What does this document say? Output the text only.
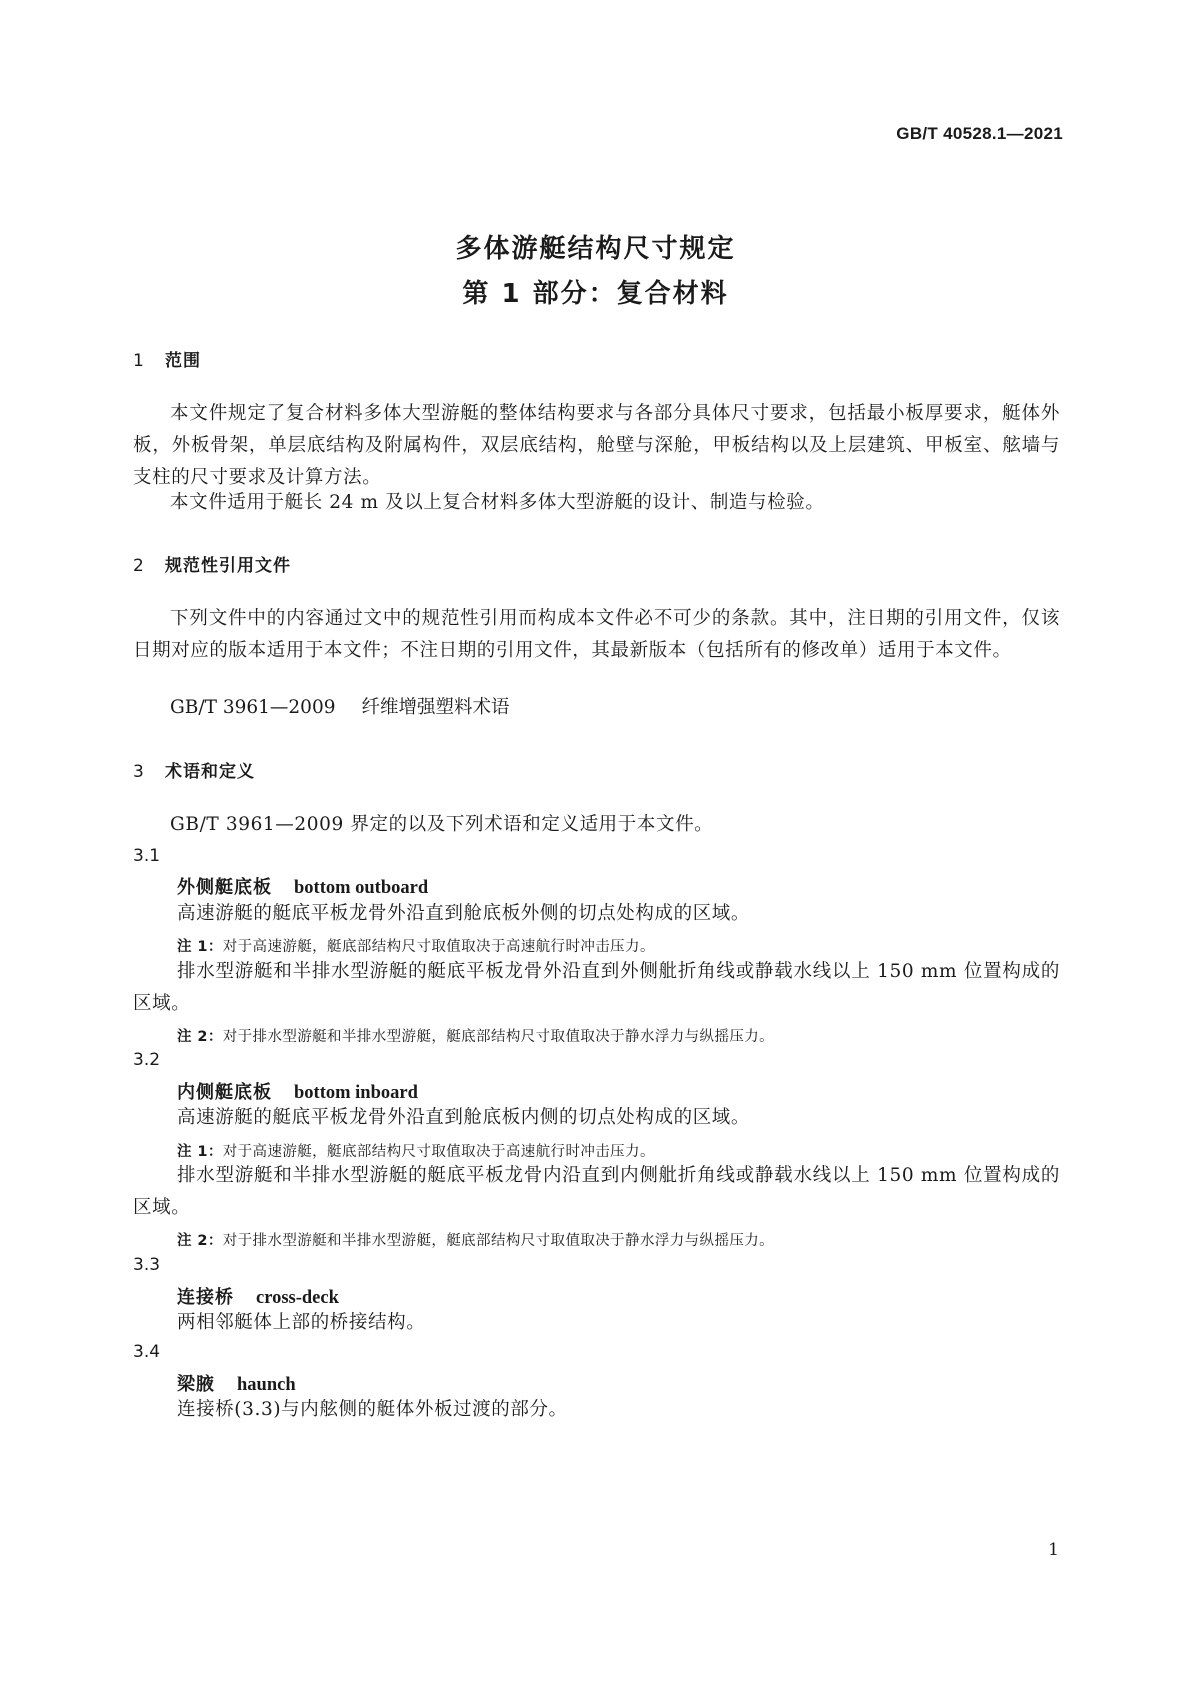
GB/T 40528.1—2021
多体游艇结构尺寸规定
第 1 部分：复合材料
1 范围
本文件规定了复合材料多体大型游艇的整体结构要求与各部分具体尺寸要求，包括最小板厚要求，艇体外板，外板骨架，单层底结构及附属构件，双层底结构，舱壁与深舱，甲板结构以及上层建筑、甲板室、舷墙与支柱的尺寸要求及计算方法。
本文件适用于艇长 24 m 及以上复合材料多体大型游艇的设计、制造与检验。
2 规范性引用文件
下列文件中的内容通过文中的规范性引用而构成本文件必不可少的条款。其中，注日期的引用文件，仅该日期对应的版本适用于本文件；不注日期的引用文件，其最新版本（包括所有的修改单）适用于本文件。
GB/T 3961—2009 纤维增强塑料术语
3 术语和定义
GB/T 3961—2009 界定的以及下列术语和定义适用于本文件。
3.1
外侧艇底板 bottom outboard
高速游艇的艇底平板龙骨外沿直到舱底板外侧的切点处构成的区域。
注 1：对于高速游艇，艇底部结构尺寸取值取决于高速航行时冲击压力。
排水型游艇和半排水型游艇的艇底平板龙骨外沿直到外侧舭折角线或静载水线以上 150 mm 位置构成的区域。
注 2：对于排水型游艇和半排水型游艇，艇底部结构尺寸取值取决于静水浮力与纵摇压力。
3.2
内侧艇底板 bottom inboard
高速游艇的艇底平板龙骨外沿直到舱底板内侧的切点处构成的区域。
注 1：对于高速游艇，艇底部结构尺寸取值取决于高速航行时冲击压力。
排水型游艇和半排水型游艇的艇底平板龙骨内沿直到内侧舭折角线或静载水线以上 150 mm 位置构成的区域。
注 2：对于排水型游艇和半排水型游艇，艇底部结构尺寸取值取决于静水浮力与纵摇压力。
3.3
连接桥 cross-deck
两相邻艇体上部的桥接结构。
3.4
梁腋 haunch
连接桥(3.3)与内舷侧的艇体外板过渡的部分。
1
